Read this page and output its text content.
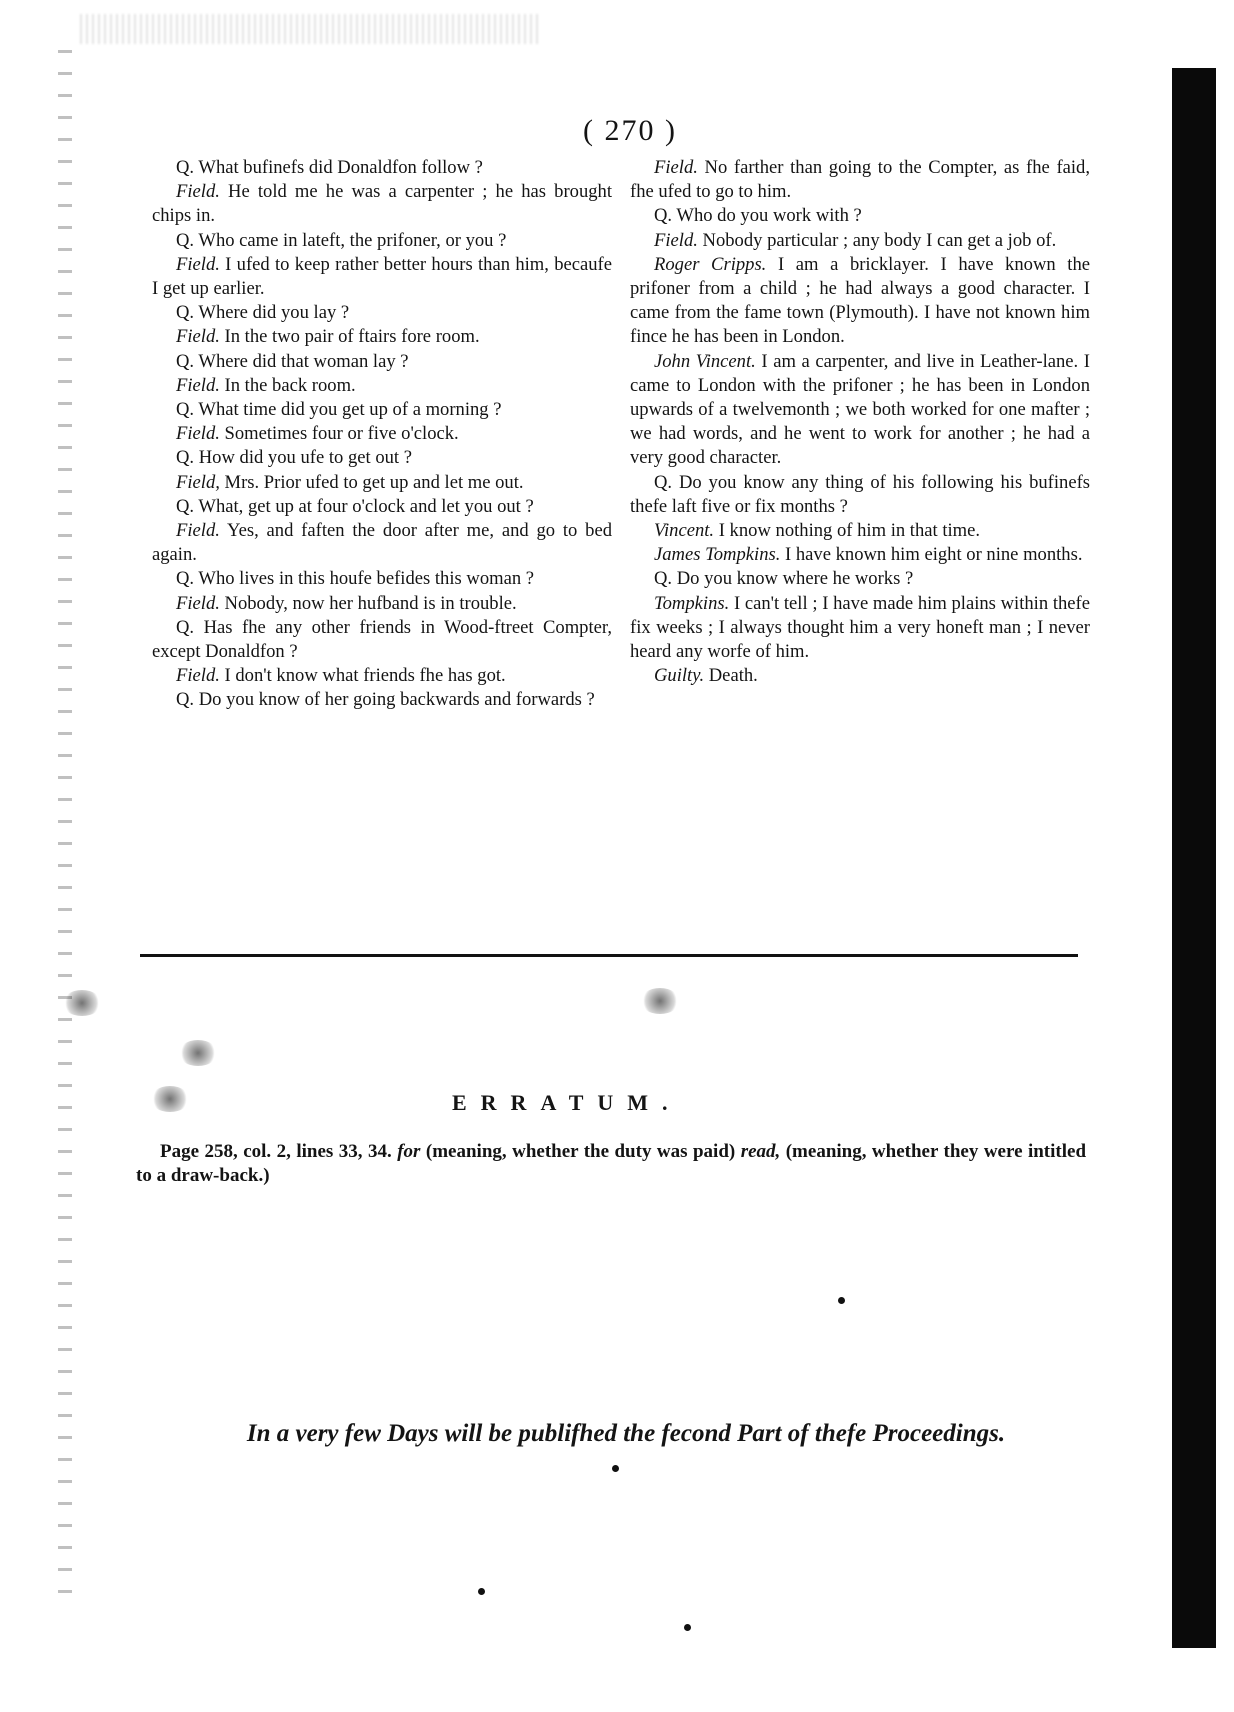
( 270 )

Q. What bufinefs did Donaldfon follow ?

Field. He told me he was a carpenter ; he has brought chips in.

Q. Who came in lateft, the prifoner, or you ?

Field. I ufed to keep rather better hours than him, becaufe I get up earlier.

Q. Where did you lay ?

Field. In the two pair of ftairs fore room.

Q. Where did that woman lay ?

Field. In the back room.

Q. What time did you get up of a morning ?

Field. Sometimes four or five o'clock.

Q. How did you ufe to get out ?

Field, Mrs. Prior ufed to get up and let me out.

Q. What, get up at four o'clock and let you out ?

Field. Yes, and faften the door after me, and go to bed again.

Q. Who lives in this houfe befides this woman ?

Field. Nobody, now her hufband is in trouble.

Q. Has fhe any other friends in Wood-ftreet Compter, except Donaldfon ?

Field. I don't know what friends fhe has got.

Q. Do you know of her going backwards and forwards ?

Field. No farther than going to the Compter, as fhe faid, fhe ufed to go to him.

Q. Who do you work with ?

Field. Nobody particular ; any body I can get a job of.

Roger Cripps. I am a bricklayer. I have known the prifoner from a child ; he had always a good character. I came from the fame town (Plymouth). I have not known him fince he has been in London.

John Vincent. I am a carpenter, and live in Leather-lane. I came to London with the prifoner ; he has been in London upwards of a twelvemonth ; we both worked for one mafter ; we had words, and he went to work for another ; he had a very good character.

Q. Do you know any thing of his following his bufinefs thefe laft five or fix months ?

Vincent. I know nothing of him in that time.

James Tompkins. I have known him eight or nine months.

Q. Do you know where he works ?

Tompkins. I can't tell ; I have made him plains within thefe fix weeks ; I always thought him a very honeft man ; I never heard any worfe of him.

Guilty. Death.

ERRATUM.
Page 258, col. 2, lines 33, 34. for (meaning, whether the duty was paid) read, (meaning, whether they were intitled to a draw-back.)
In a very few Days will be publifhed the fecond Part of thefe Proceedings.
